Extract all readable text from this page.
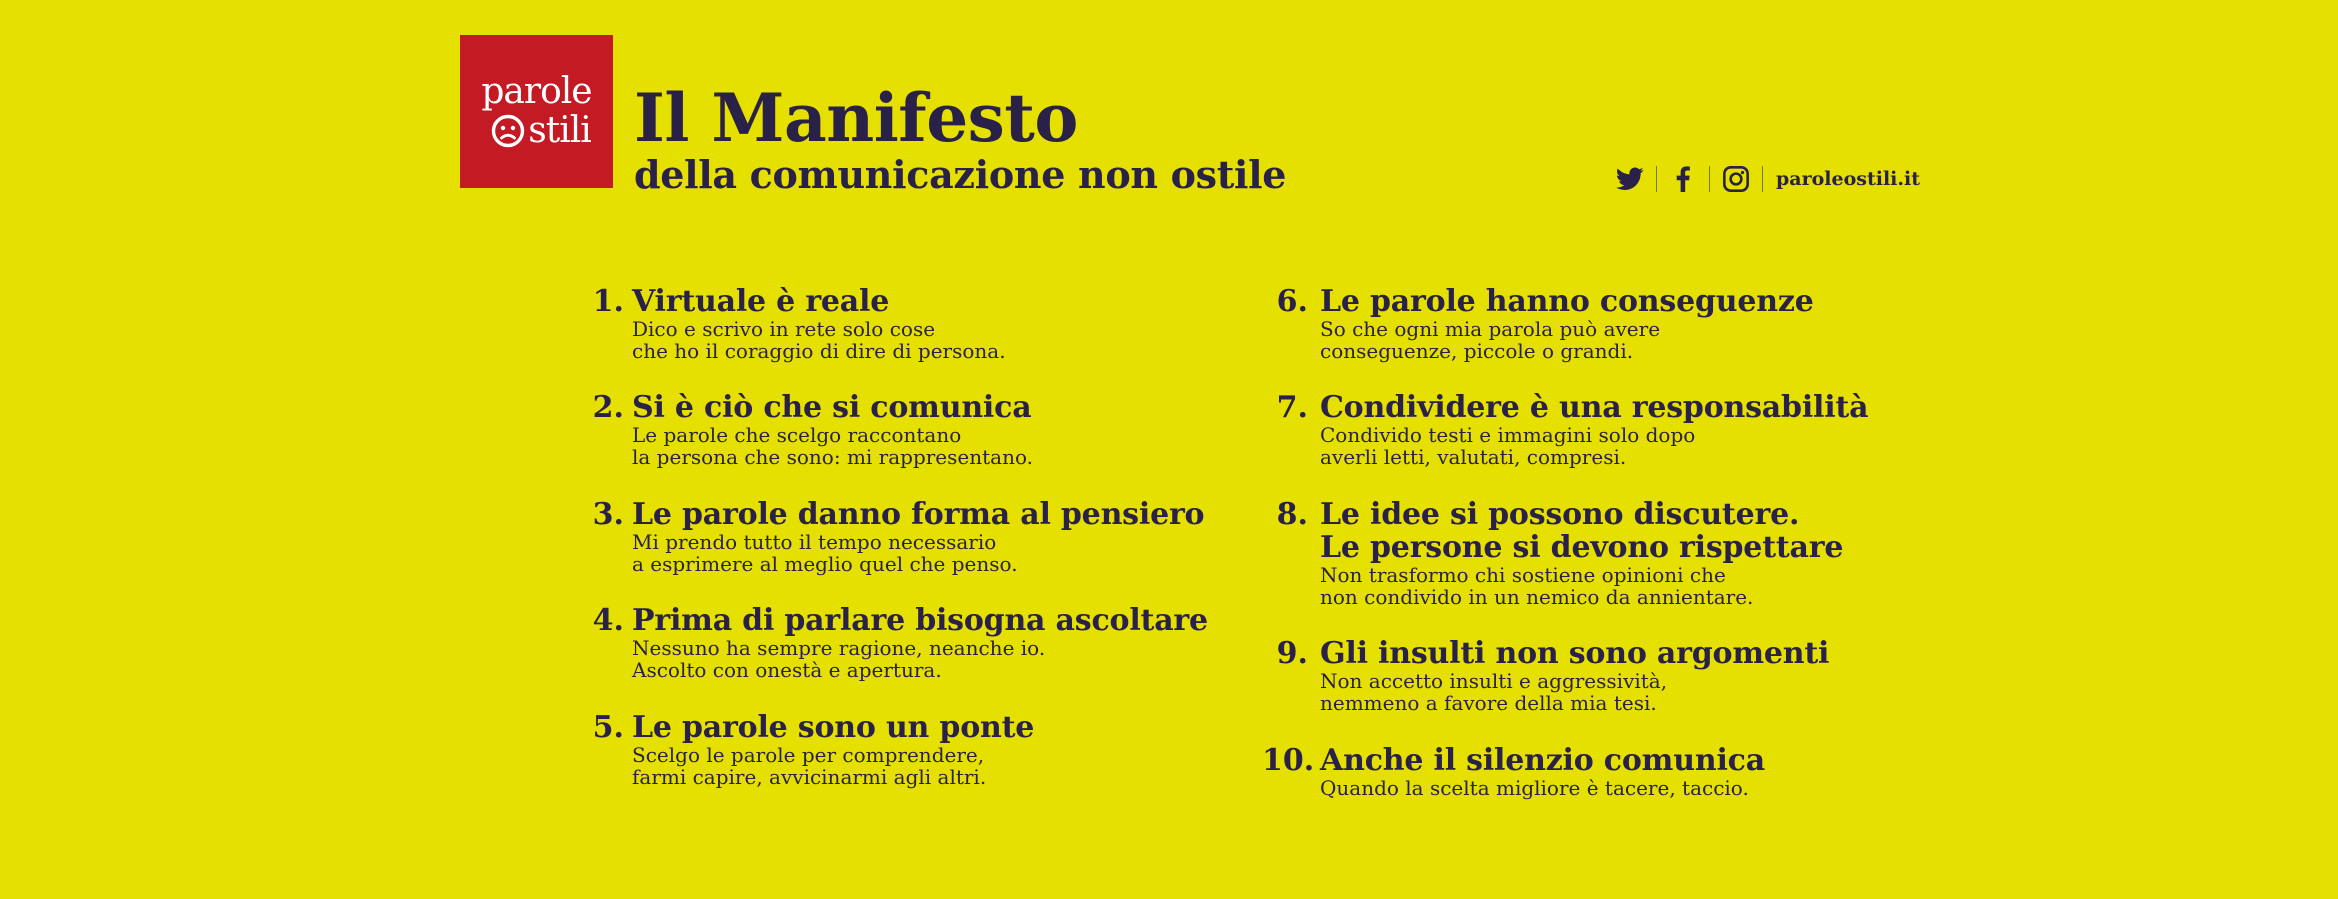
parole
stili Il Manifesto
della comunicazione non ostile	paroleostili.it
1. Virtuale è reale
Dico e scrivo in rete solo cose
che ho il coraggio di dire di persona.
2. Si è ciò che si comunica
Le parole che scelgo raccontano
la persona che sono: mi rappresentano.
3. Le parole danno forma al pensiero
Mi prendo tutto il tempo necessario
a esprimere al meglio quel che penso.
4. Prima di parlare bisogna ascoltare
Nessuno ha sempre ragione, neanche io.
Ascolto con onestà e apertura.
5. Le parole sono un ponte
Scelgo le parole per comprendere,
farmi capire, avvicinarmi agli altri.
6. Le parole hanno conseguenze
So che ogni mia parola può avere
conseguenze, piccole o grandi.
7. Condividere è una responsabilità
Condivido testi e immagini solo dopo
averli letti, valutati, compresi.
8. Le idee si possono discutere.
Le persone si devono rispettare
Non trasformo chi sostiene opinioni che
non condivido in un nemico da annientare.
9. Gli insulti non sono argomenti
Non accetto insulti e aggressività,
nemmeno a favore della mia tesi.
10. Anche il silenzio comunica
Quando la scelta migliore è tacere, taccio.
